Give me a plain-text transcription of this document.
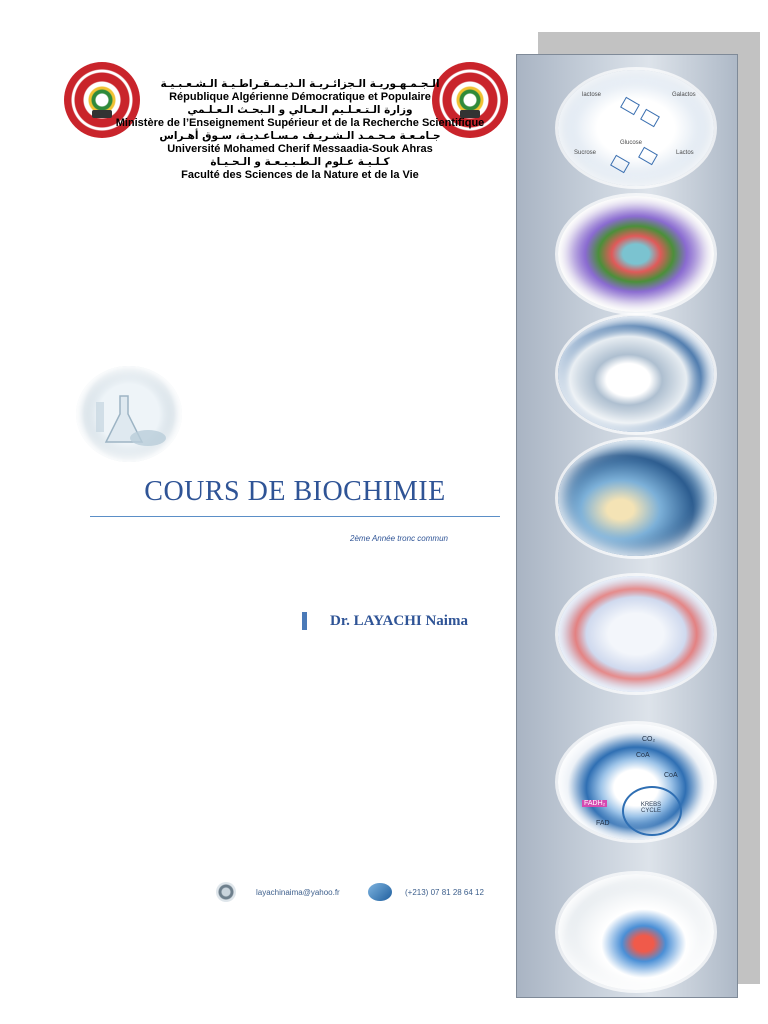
الـجـمـهـوريـة الـجزائـريـة الـديـمـقـراطـيـة الـشـعـبـيـة
République Algérienne Démocratique et Populaire
وزارة الـتـعـلـيم الـعـالي و الـبحـث الـعـلـمي
Ministère de l’Enseignement Supérieur et de la Recherche Scientifique
جـامـعـة مـحـمـد الـشـريـف مـسـاعـديـة، سـوق أهـراس
Université Mohamed Cherif Messaadia-Souk Ahras
كـلـيـة عـلوم الـطـبـيـعـة و الـحـيـاة
Faculté des Sciences de la Nature et de la Vie
COURS DE BIOCHIMIE
2ème Année tronc commun
Dr. LAYACHI Naima
layachinaima@yahoo.fr	(+213) 07 81 28 64 12
lactose	Galactos
Glucose
Sucrose	Lactos
KREBS CYCLE
CO₂
CoA
CoA
FADH₂
FAD
